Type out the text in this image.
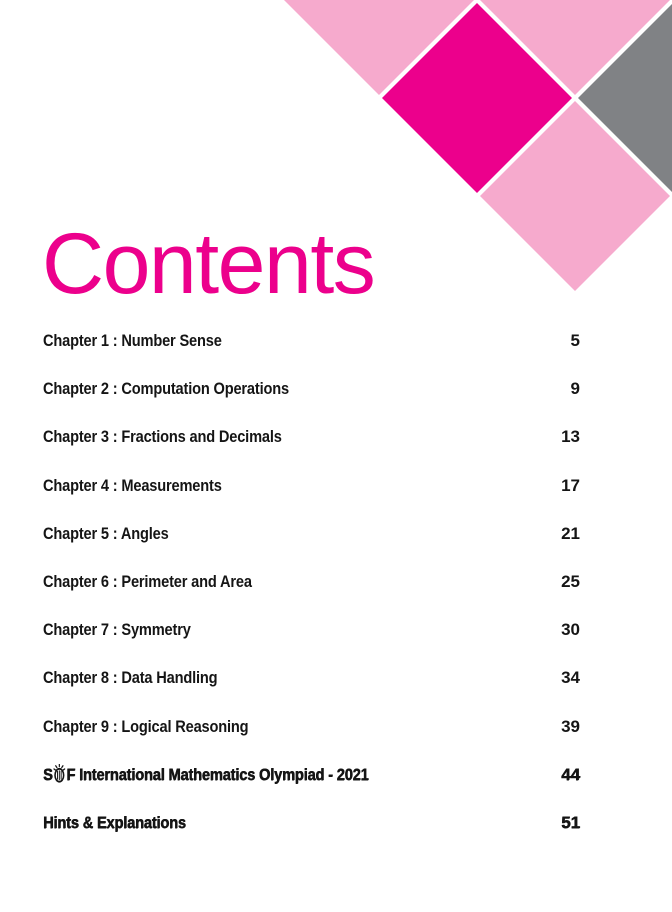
Contents
Chapter 1 : Number Sense	5
Chapter 2 : Computation Operations	9
Chapter 3 : Fractions and Decimals	13
Chapter 4 : Measurements	17
Chapter 5 : Angles	21
Chapter 6 : Perimeter and Area	25
Chapter 7 : Symmetry	30
Chapter 8 : Data Handling	34
Chapter 9 : Logical Reasoning	39
S F International Mathematics Olympiad - 2021	44
Hints & Explanations	51
